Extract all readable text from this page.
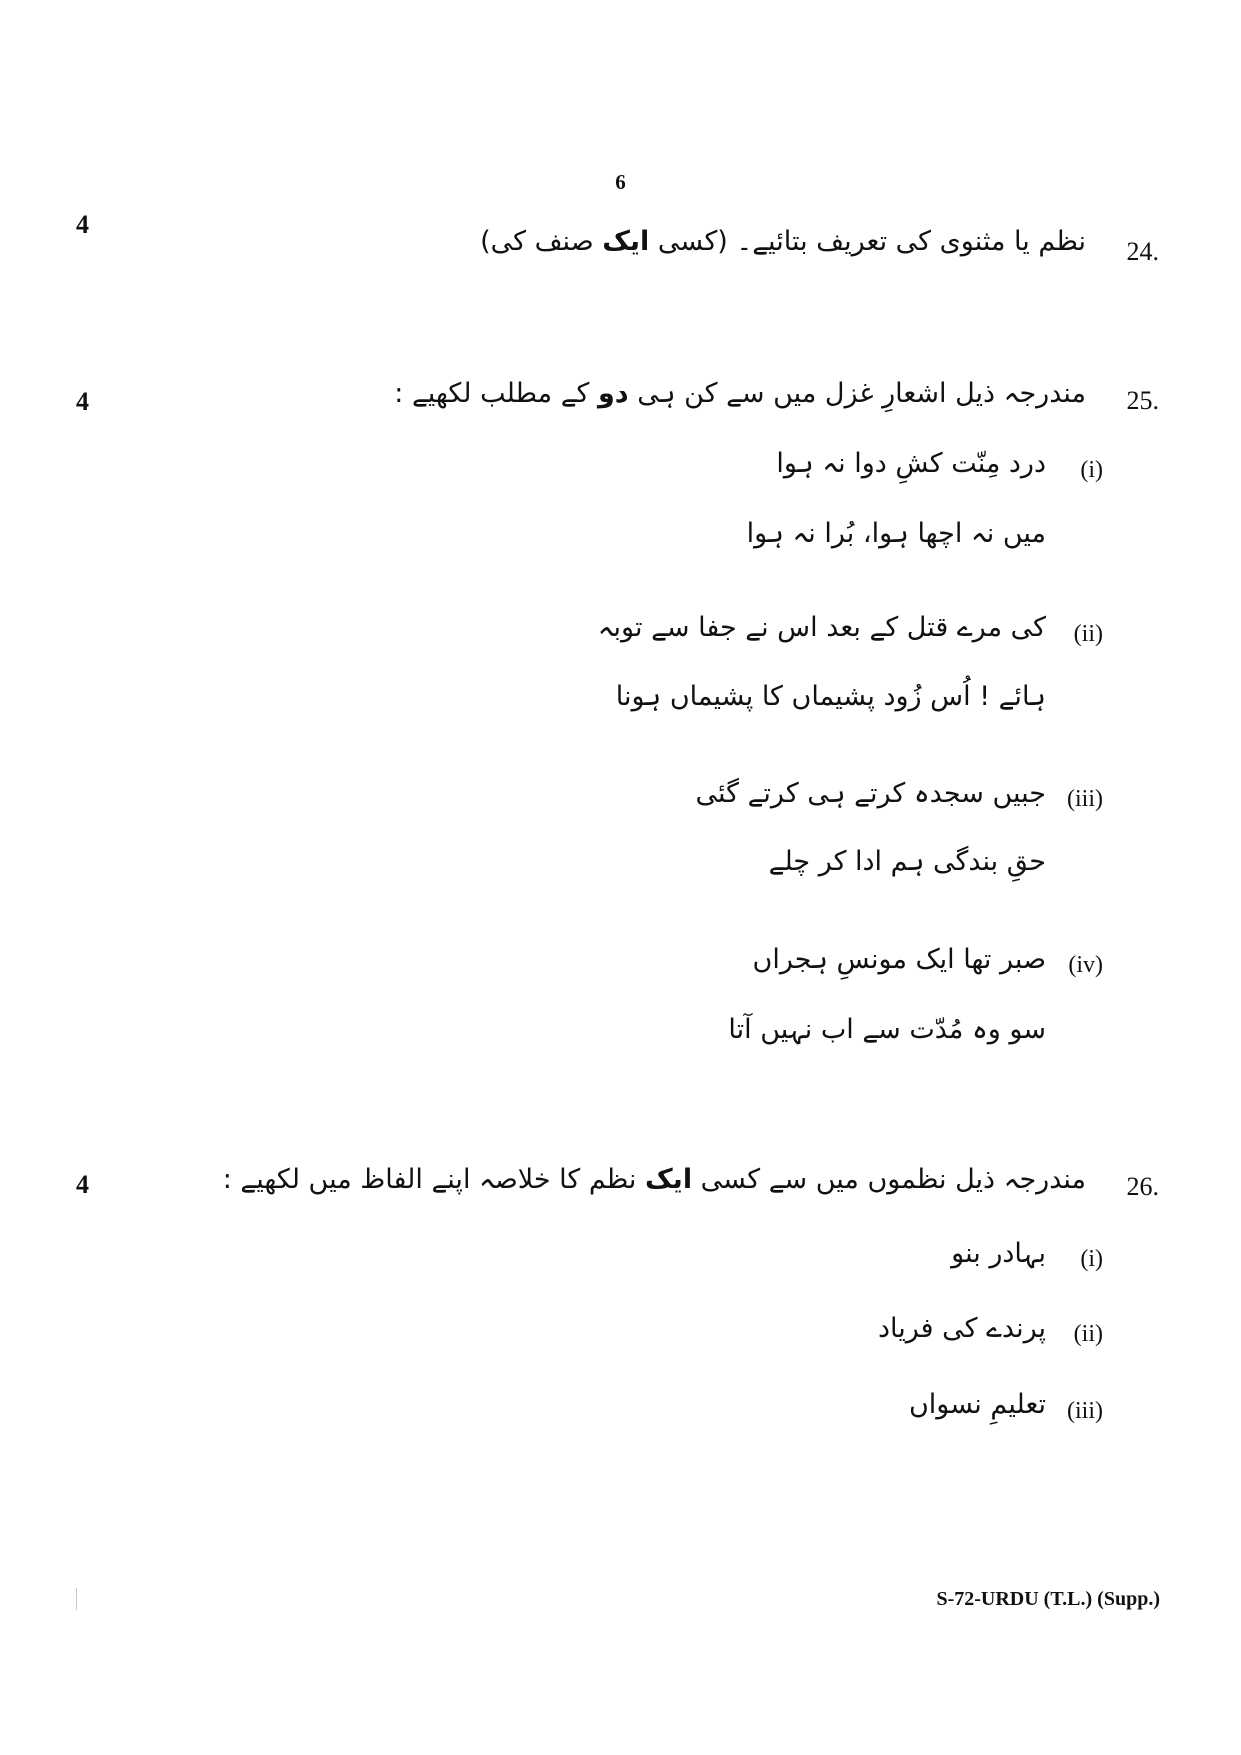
6
4
24.
نظم یا مثنوی کی تعریف بتائیے۔ (کسی ایک صنف کی)
4	25.
مندرجہ ذیل اشعارِ غزل میں سے کن ہی دو کے مطلب لکھیے :
(i)
درد مِنّت کشِ دوا نہ ہوا
میں نہ اچھا ہوا، بُرا نہ ہوا
(ii)
کی مرے قتل کے بعد اس نے جفا سے توبہ
ہائے ! اُس زُود پشیماں کا پشیماں ہونا
(iii)
جبیں سجدہ کرتے ہی کرتے گئی
حقِ بندگی ہم ادا کر چلے
(iv)
صبر تھا ایک مونسِ ہجراں
سو وہ مُدّت سے اب نہیں آتا
4	26.
مندرجہ ذیل نظموں میں سے کسی ایک نظم کا خلاصہ اپنے الفاظ میں لکھیے :
(i)
بہادر بنو
(ii)
پرندے کی فریاد
(iii)
تعلیمِ نسواں
S-72-URDU (T.L.) (Supp.)
